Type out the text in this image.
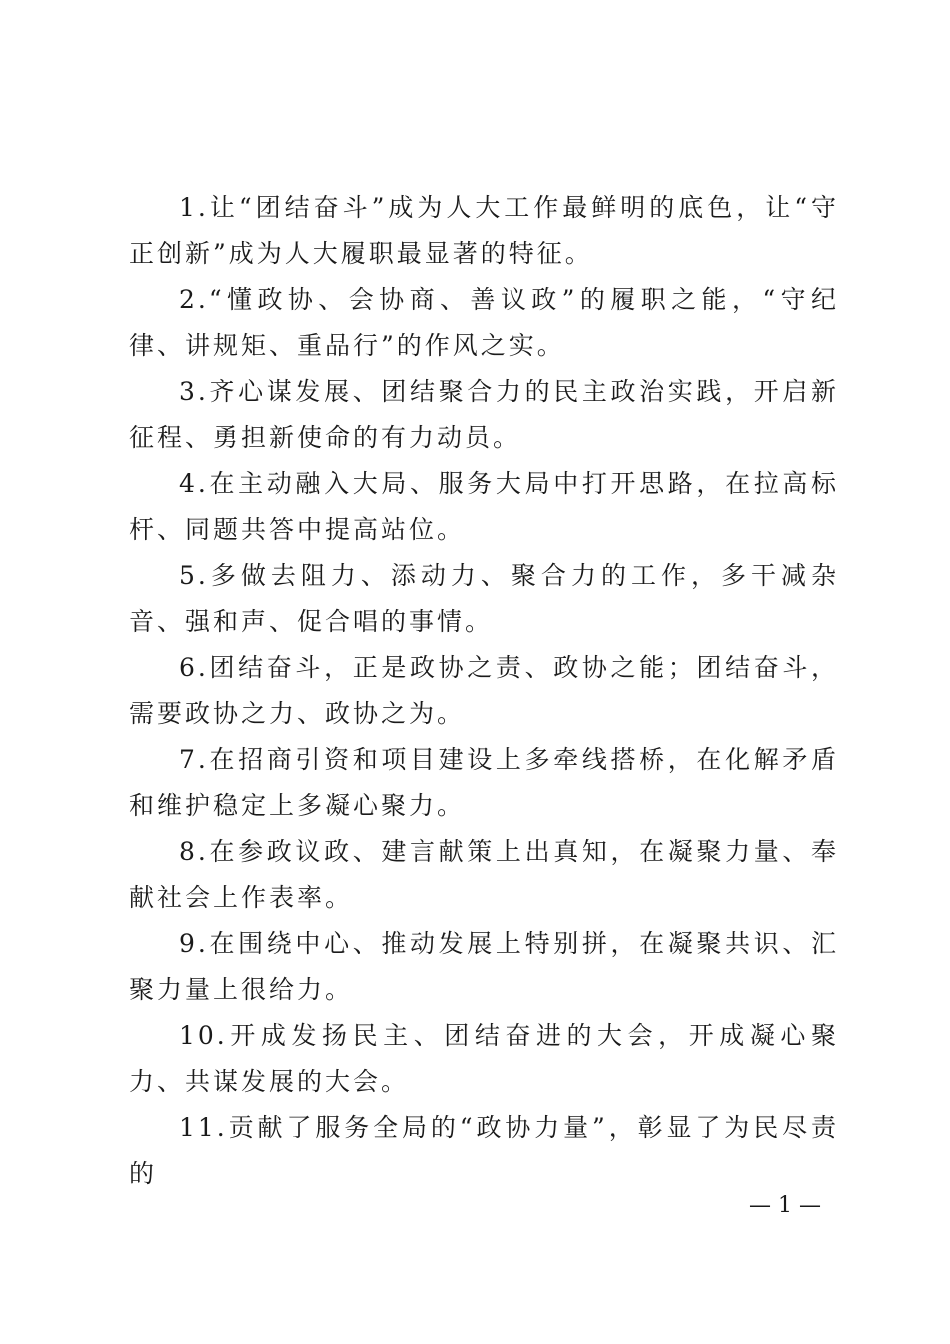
1.让“团结奋斗”成为人大工作最鲜明的底色，让“守正创新”成为人大履职最显著的特征。

2.“懂政协、会协商、善议政”的履职之能，“守纪律、讲规矩、重品行”的作风之实。

3.齐心谋发展、团结聚合力的民主政治实践，开启新征程、勇担新使命的有力动员。

4.在主动融入大局、服务大局中打开思路，在拉高标杆、同题共答中提高站位。

5.多做去阻力、添动力、聚合力的工作，多干减杂音、强和声、促合唱的事情。

6.团结奋斗，正是政协之责、政协之能；团结奋斗，需要政协之力、政协之为。

7.在招商引资和项目建设上多牵线搭桥，在化解矛盾和维护稳定上多凝心聚力。

8.在参政议政、建言献策上出真知，在凝聚力量、奉献社会上作表率。

9.在围绕中心、推动发展上特别拼，在凝聚共识、汇聚力量上很给力。

10.开成发扬民主、团结奋进的大会，开成凝心聚力、共谋发展的大会。

11.贡献了服务全局的“政协力量”，彰显了为民尽责的

— 1 —
